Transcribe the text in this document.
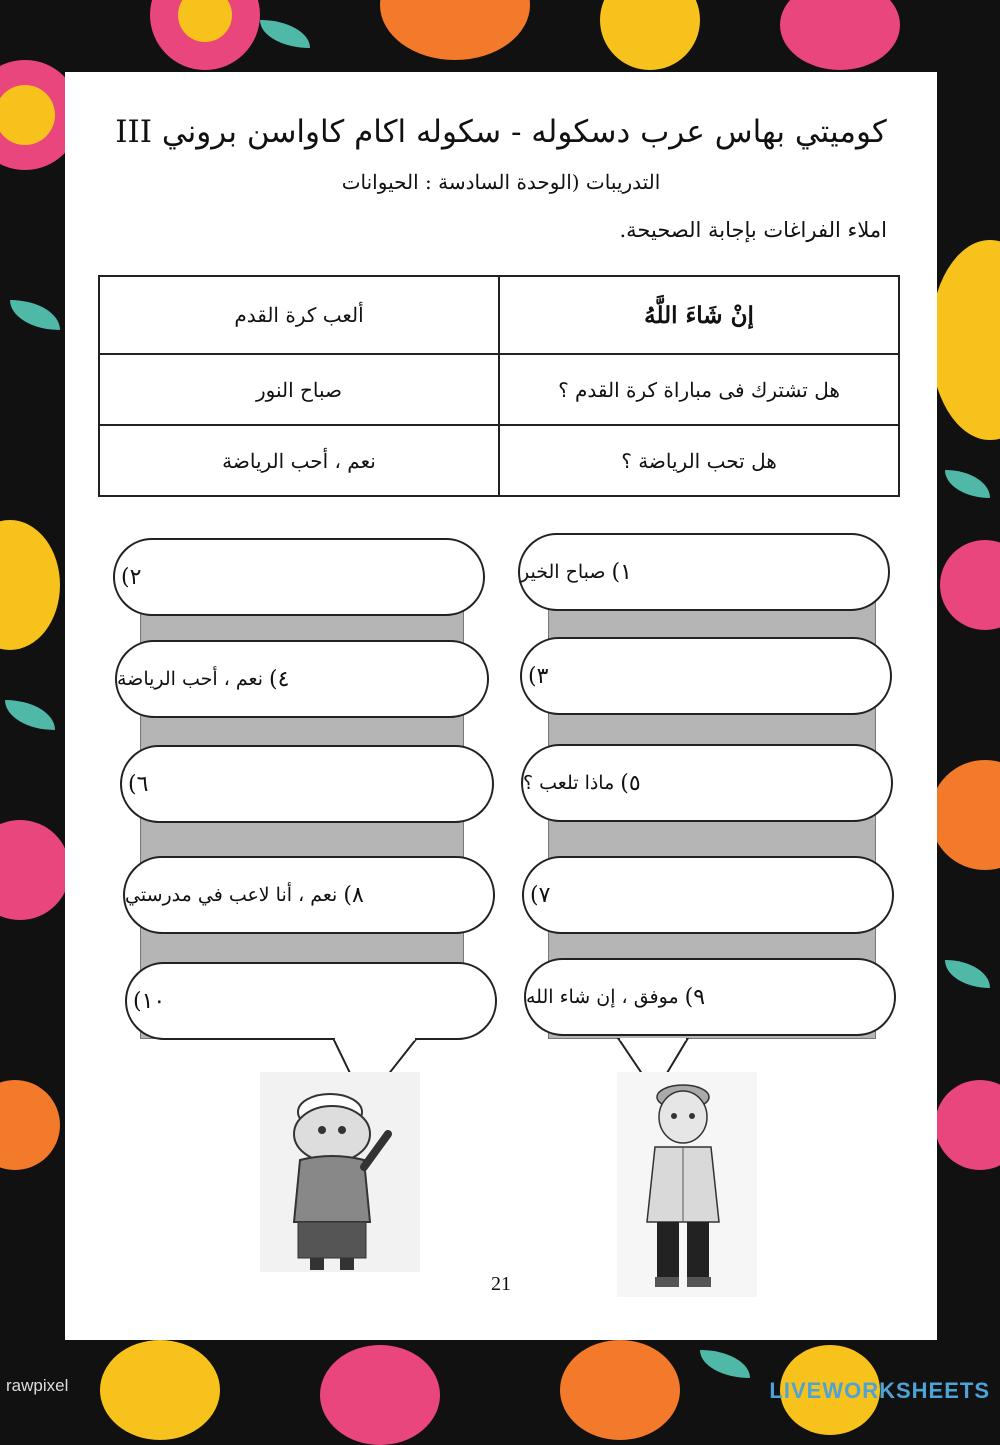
كوميتي بهاس عرب دسكوله - سكوله اكام كاواسن بروني III
التدريبات (الوحدة السادسة : الحيوانات
املاء الفراغات بإجابة الصحيحة.
ألعب كرة القدم	إنْ شَاءَ اللَّهُ
صباح النور	هل تشترك فى مباراة كرة القدم ؟
نعم ، أحب الرياضة	هل تحب الرياضة ؟
١)
صباح الخير
٣)
٥)
ماذا تلعب ؟
٧)
٩)
موفق ، إن شاء الله
٢)
٤)
نعم ، أحب الرياضة
٦)
٨)
نعم ، أنا لاعب في مدرستي
١٠)
21
rawpixel	LIVEWORKSHEETS
